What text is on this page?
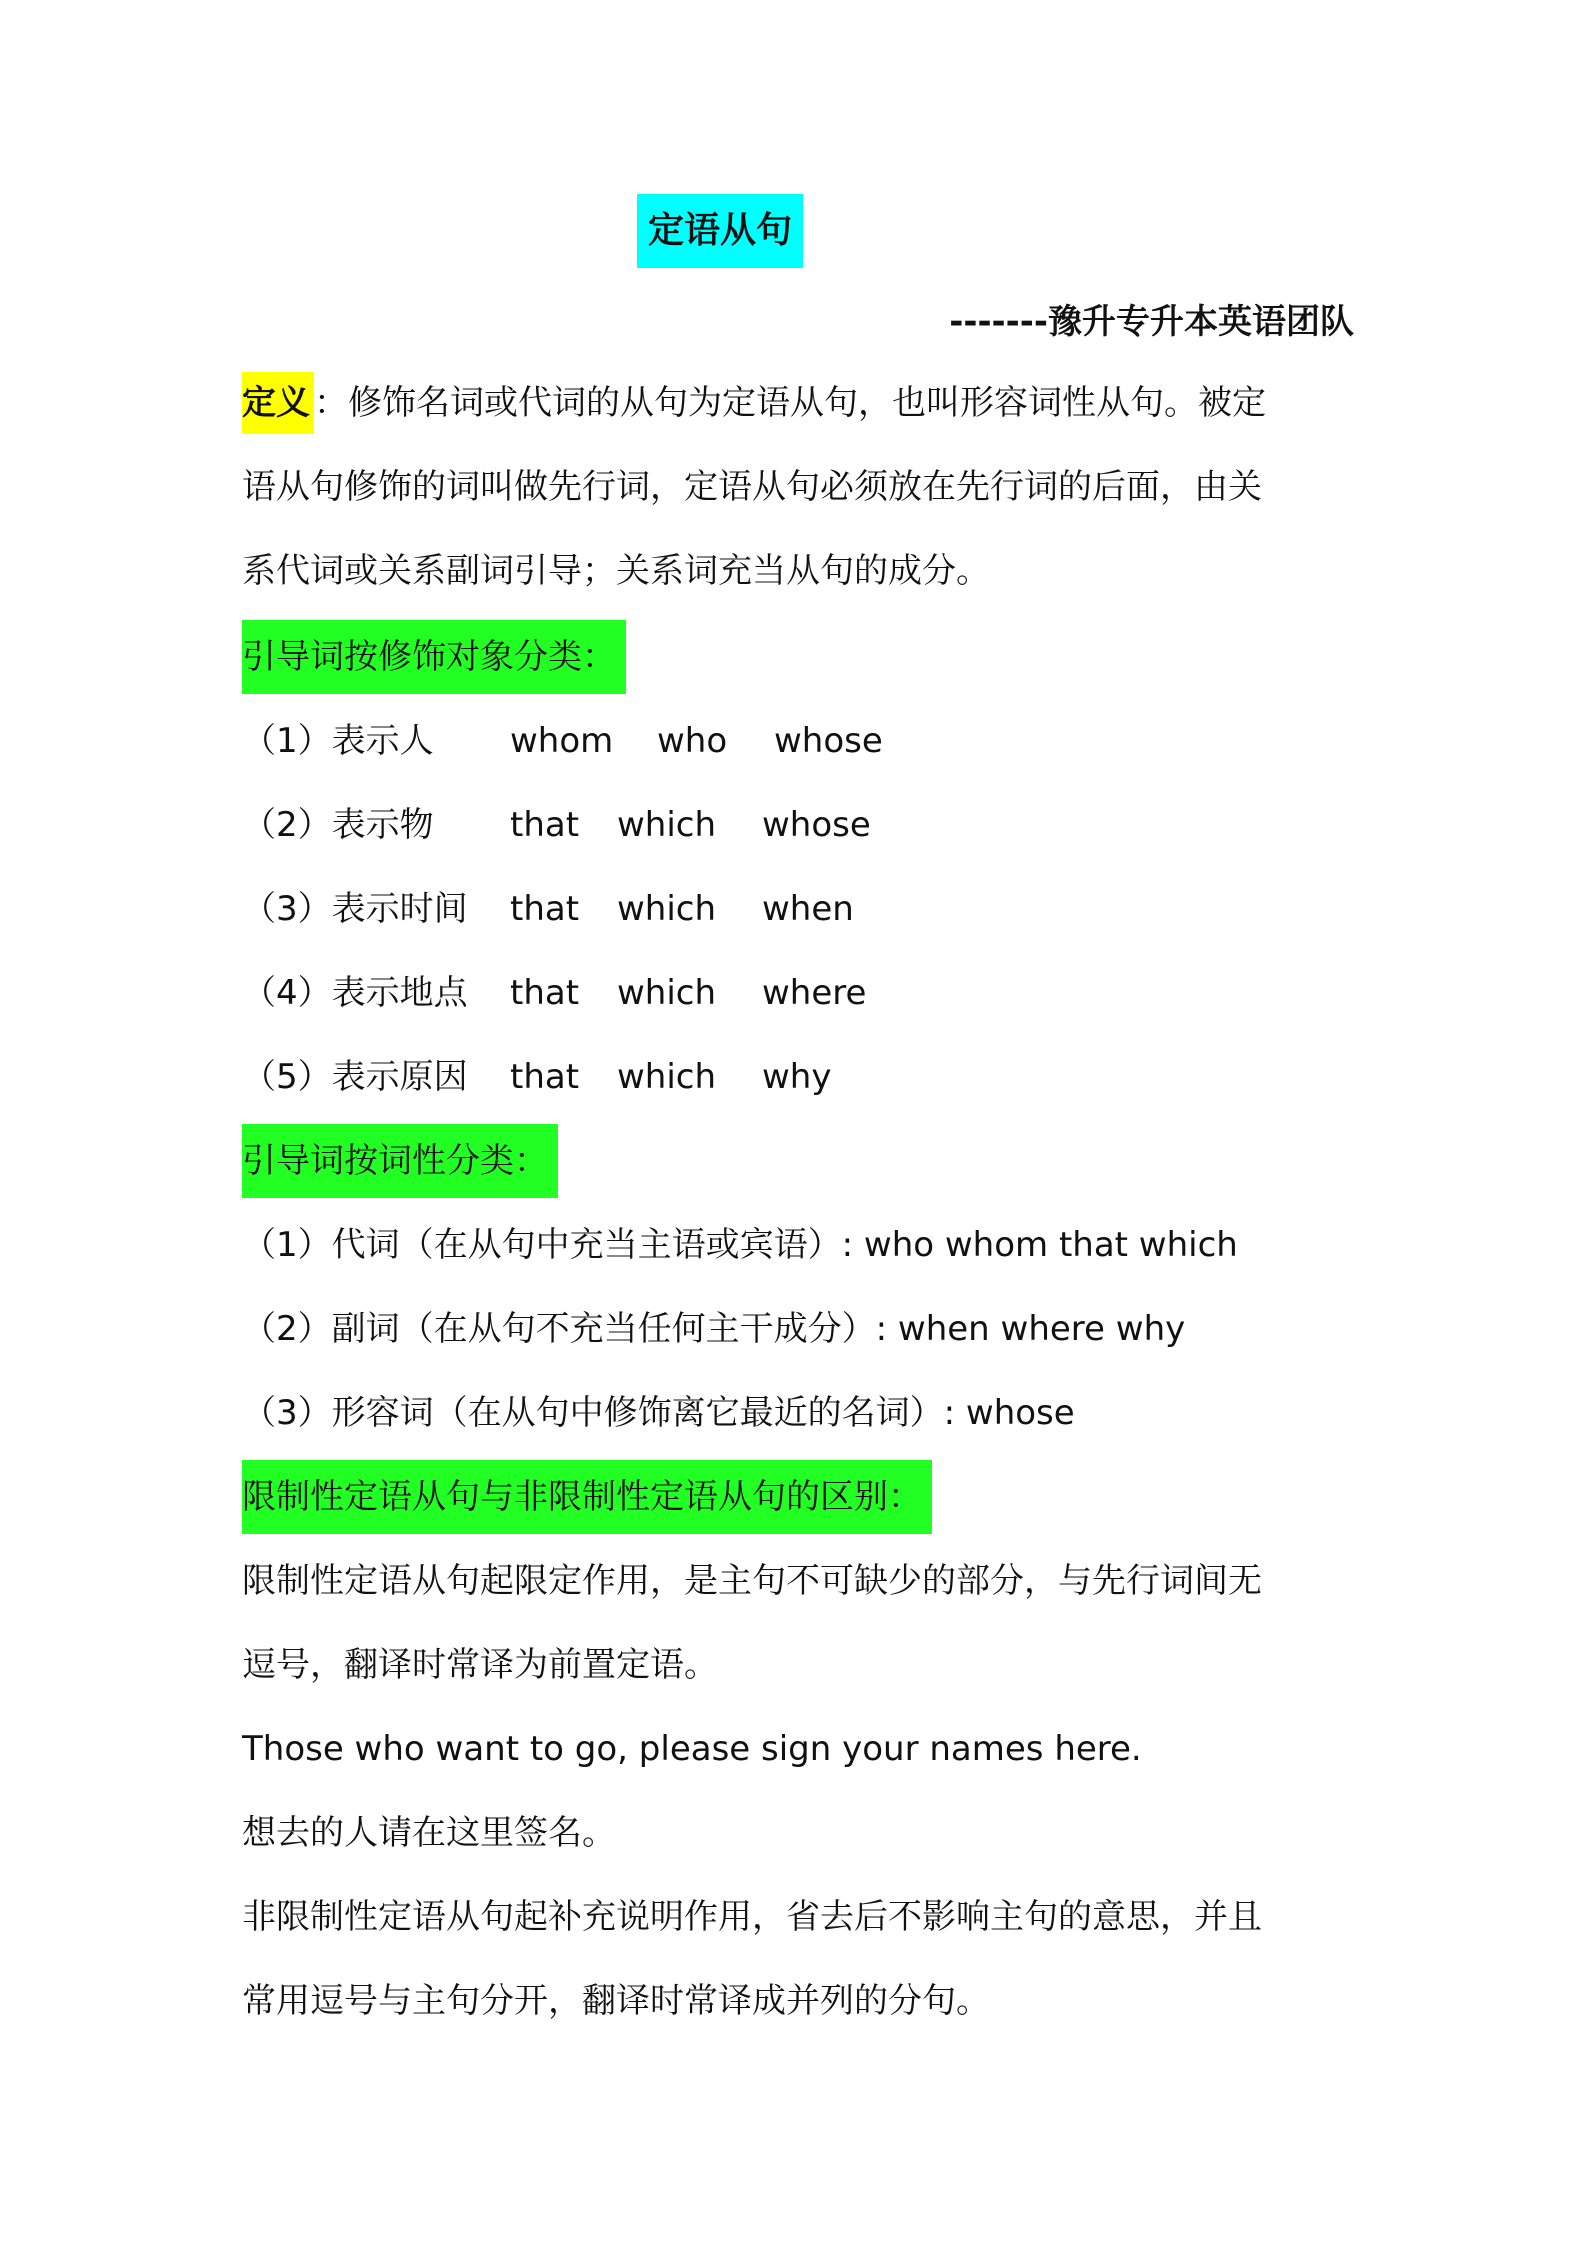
定语从句
-------豫升专升本英语团队

定义 ：修饰名词或代词的从句为定语从句，也叫形容词性从句。被定

语从句修饰的词叫做先行词，定语从句必须放在先行词的后面，由关

系代词或关系副词引导；关系词充当从句的成分。

引导词按修饰对象分类：

（1）表示人 whom who whose
（2）表示物 that which whose
（3）表示时间 that which when
（4）表示地点 that which where
（5）表示原因 that which why

引导词按词性分类：

（1）代词（在从句中充当主语或宾语）: who whom that which

（2）副词（在从句不充当任何主干成分）: when where why

（3）形容词（在从句中修饰离它最近的名词）: whose

限制性定语从句与非限制性定语从句的区别：

限制性定语从句起限定作用，是主句不可缺少的部分，与先行词间无

逗号，翻译时常译为前置定语。

Those who want to go, please sign your names here.

想去的人请在这里签名。

非限制性定语从句起补充说明作用，省去后不影响主句的意思，并且

常用逗号与主句分开，翻译时常译成并列的分句。
